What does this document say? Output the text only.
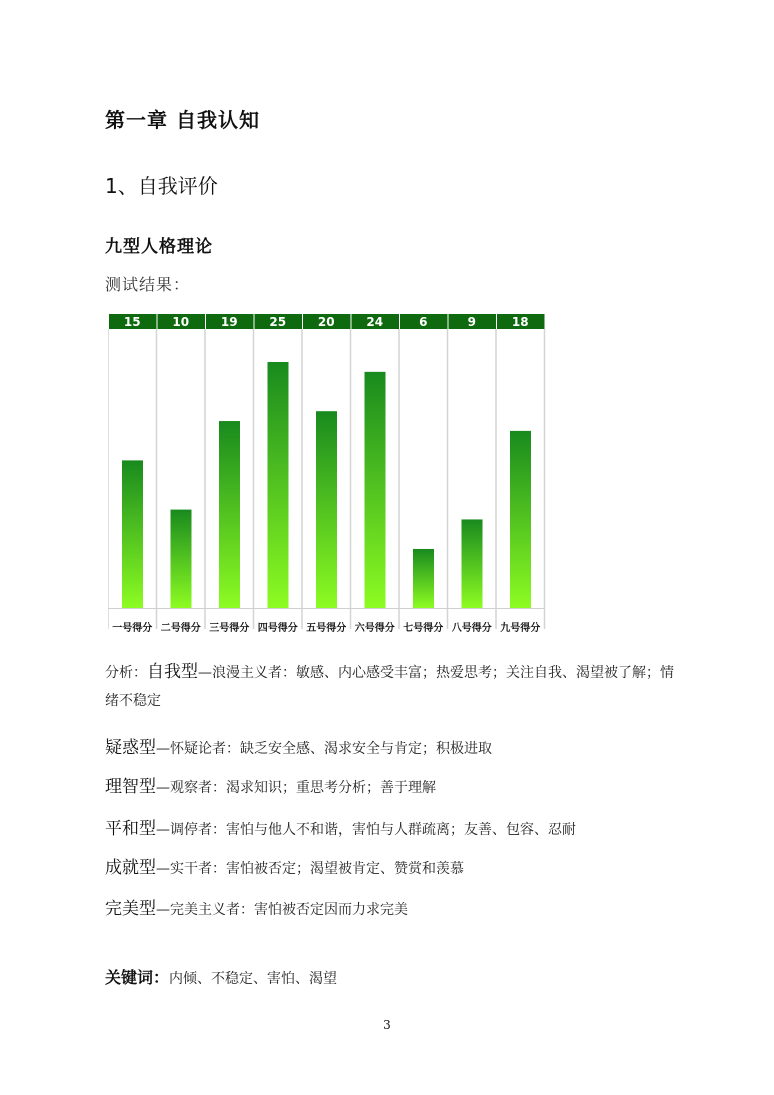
第一章 自我认知
1、自我评价
九型人格理论
测试结果：
15
一号得分
10
二号得分
19
三号得分
25
四号得分
20
五号得分
24
六号得分
6
七号得分
9
八号得分
18
九号得分
分析：自我型—浪漫主义者：敏感、内心感受丰富；热爱思考；关注自我、渴望被了解；情绪不稳定
疑惑型—怀疑论者：缺乏安全感、渴求安全与肯定；积极进取
理智型—观察者：渴求知识；重思考分析；善于理解
平和型—调停者：害怕与他人不和谐，害怕与人群疏离；友善、包容、忍耐
成就型—实干者：害怕被否定；渴望被肯定、赞赏和羡慕
完美型—完美主义者：害怕被否定因而力求完美
关键词：内倾、不稳定、害怕、渴望
3
